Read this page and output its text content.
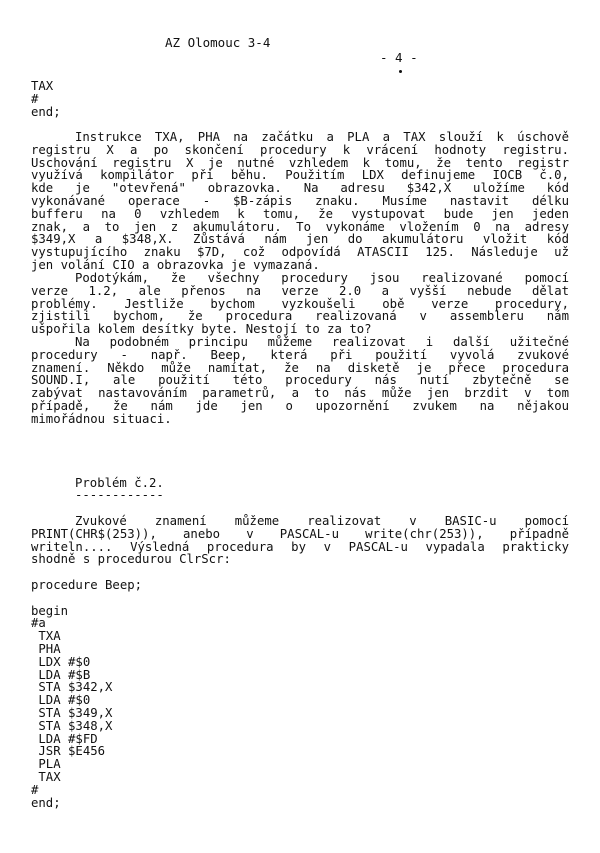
AZ Olomouc 3-4

- 4 -

TAX
#
end;
Instrukce TXA, PHA na začátku a PLA a TAX slouží k úschově
registru X a po skončení procedury k vrácení hodnoty registru.
Uschování registru X je nutné vzhledem k tomu, že tento registr
využívá kompilátor při běhu. Použitím LDX definujeme IOCB č.0,
kde je "otevřená" obrazovka. Na adresu $342,X uložíme kód
vykonávané operace - $B-zápis znaku. Musíme nastavit délku
bufferu na 0 vzhledem k tomu, že vystupovat bude jen jeden
znak, a to jen z akumulátoru. To vykonáme vložením 0 na adresy
$349,X a $348,X. Zůstává nám jen do akumulátoru vložit kód
vystupujícího znaku $7D, což odpovídá ATASCII 125. Následuje už
jen volání CIO a obrazovka je vymazaná.
Podotýkám, že všechny procedury jsou realizované pomocí
verze 1.2, ale přenos na verze 2.0 a vyšší nebude dělat
problémy. Jestliže bychom vyzkoušeli obě verze procedury,
zjistili bychom, že procedura realizovaná v assembleru nám
ušpořila kolem desítky byte. Nestojí to za to?
Na podobném principu můžeme realizovat i další užitečné
procedury - např. Beep, která při použití vyvolá zvukové
znamení. Někdo může namítat, že na disketě je přece procedura
SOUND.I, ale použití této procedury nás nutí zbytečně se
zabývat nastavováním parametrů, a to nás může jen brzdit v tom
případě, že nám jde jen o upozornění zvukem na nějakou
mimořádnou situaci.
Problém č.2.
------------
Zvukové znamení můžeme realizovat v BASIC-u pomocí
PRINT(CHR$(253)), anebo v PASCAL-u write(chr(253)), případně
writeln.... Výsledná procedura by v PASCAL-u vypadala prakticky
shodně s procedurou ClrScr:
procedure Beep;

begin
#a
TXA
PHA
LDX #$0
LDA #$B
STA $342,X
LDA #$0
STA $349,X
STA $348,X
LDA #$FD
JSR $E456
PLA
TAX
#
end;
